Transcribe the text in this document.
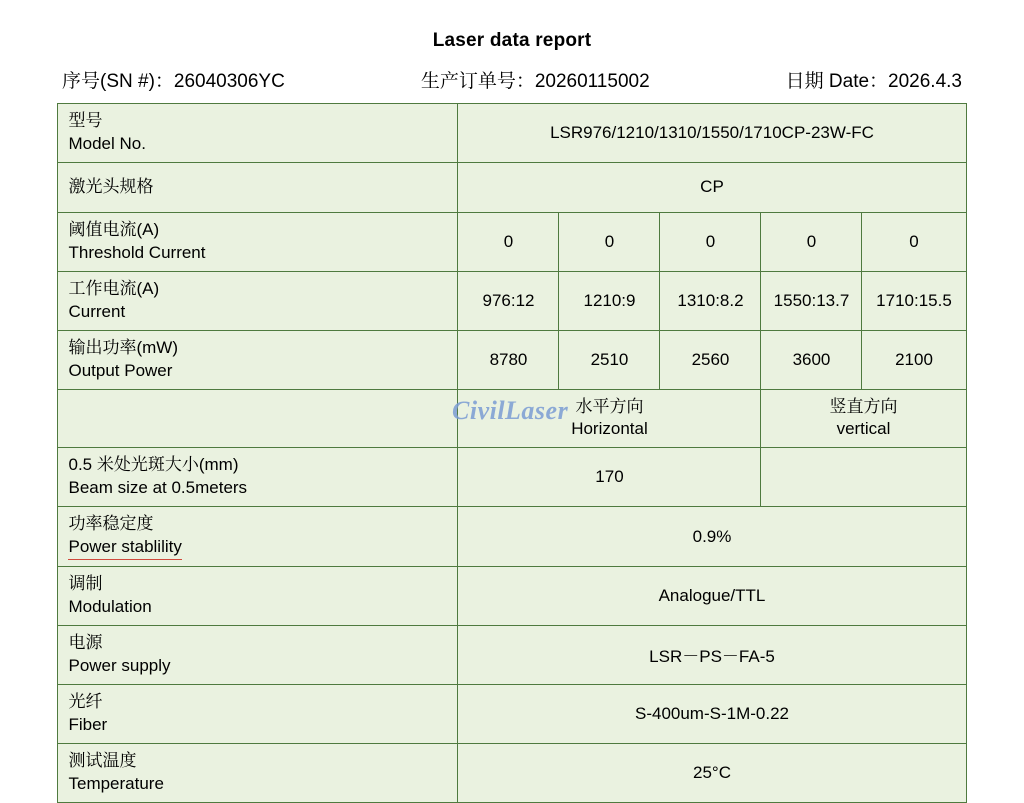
Laser data report
序号(SN #)：26040306YC	生产订单号：20260115002	日期 Date：2026.4.3
型号
Model No.	LSR976/1210/1310/1550/1710CP-23W-FC				

激光头规格	CP				

阈值电流(A)
Threshold Current	0	0	0	0	0

工作电流(A)
Current	976:12	1210:9	1310:8.2	1550:13.7	1710:15.5

输出功率(mW)
Output Power	8780	2510	2560	3600	2100

	水平方向
Horizontal			竖直方向
vertical	

0.5 米处光斑大小(mm)
Beam size at 0.5meters	170				

功率稳定度
Power stablility	0.9%				

调制
Modulation	Analogue/TTL				

电源
Power supply	LSR－PS－FA-5				

光纤
Fiber	S-400um-S-1M-0.22				

测试温度
Temperature	25°C				
CivilLaser
